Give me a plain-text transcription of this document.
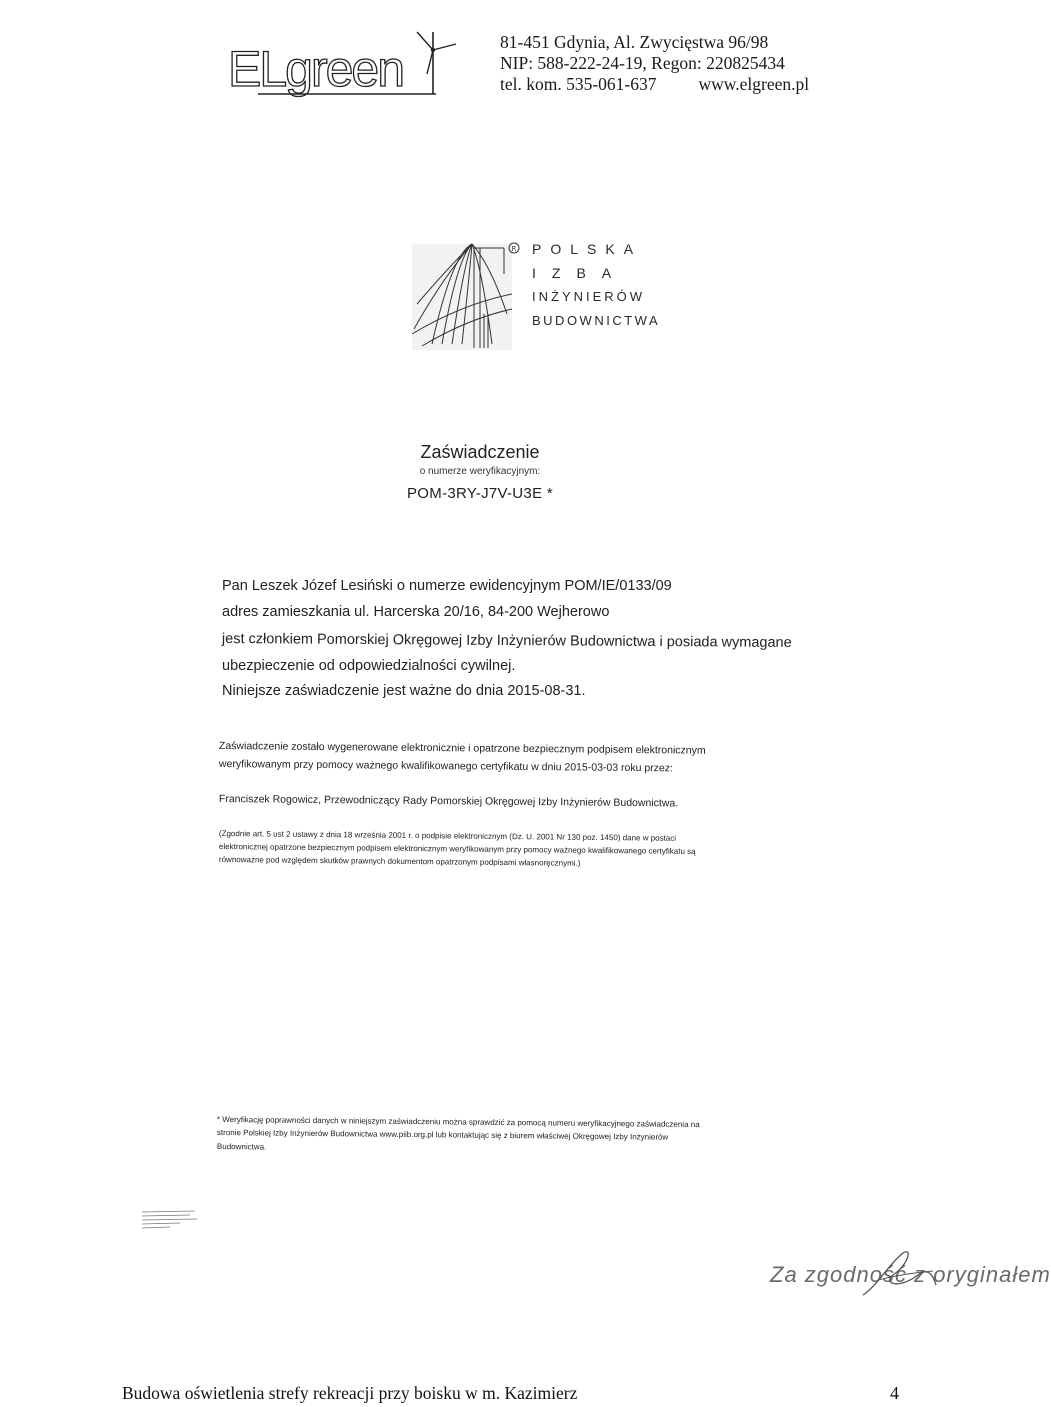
ELgreen	81-451 Gdynia, Al. Zwycięstwa 96/98
NIP: 588-222-24-19, Regon: 220825434
tel. kom. 535-061-637 www.elgreen.pl
R POLSKA
IZBA
INŻYNIERÓW
BUDOWNICTWA
Zaświadczenie
o numerze weryfikacyjnym:
POM-3RY-J7V-U3E *
Pan Leszek Józef Lesiński o numerze ewidencyjnym POM/IE/0133/09
adres zamieszkania ul. Harcerska 20/16, 84-200 Wejherowo
jest członkiem Pomorskiej Okręgowej Izby Inżynierów Budownictwa i posiada wymagane
ubezpieczenie od odpowiedzialności cywilnej.
Niniejsze zaświadczenie jest ważne do dnia 2015-08-31.
Zaświadczenie zostało wygenerowane elektronicznie i opatrzone bezpiecznym podpisem elektronicznym
weryfikowanym przy pomocy ważnego kwalifikowanego certyfikatu w dniu 2015-03-03 roku przez:
Franciszek Rogowicz, Przewodniczący Rady Pomorskiej Okręgowej Izby Inżynierów Budownictwa.
(Zgodnie art. 5 ust 2 ustawy z dnia 18 września 2001 r. o podpisie elektronicznym (Dz. U. 2001 Nr 130 poz. 1450) dane w postaci
elektronicznej opatrzone bezpiecznym podpisem elektronicznym weryfikowanym przy pomocy ważnego kwalifikowanego certyfikatu są
równoważne pod względem skutków prawnych dokumentom opatrzonym podpisami własnoręcznymi.)
* Weryfikację poprawności danych w niniejszym zaświadczeniu można sprawdzić za pomocą numeru weryfikacyjnego zaświadczenia na
stronie Polskiej Izby Inżynierów Budownictwa www.piib.org.pl lub kontaktując się z biurem właściwej Okręgowej Izby Inżynierów
Budownictwa.
Za zgodność z oryginałem
Budowa oświetlenia strefy rekreacji przy boisku w m. Kazimierz	4
